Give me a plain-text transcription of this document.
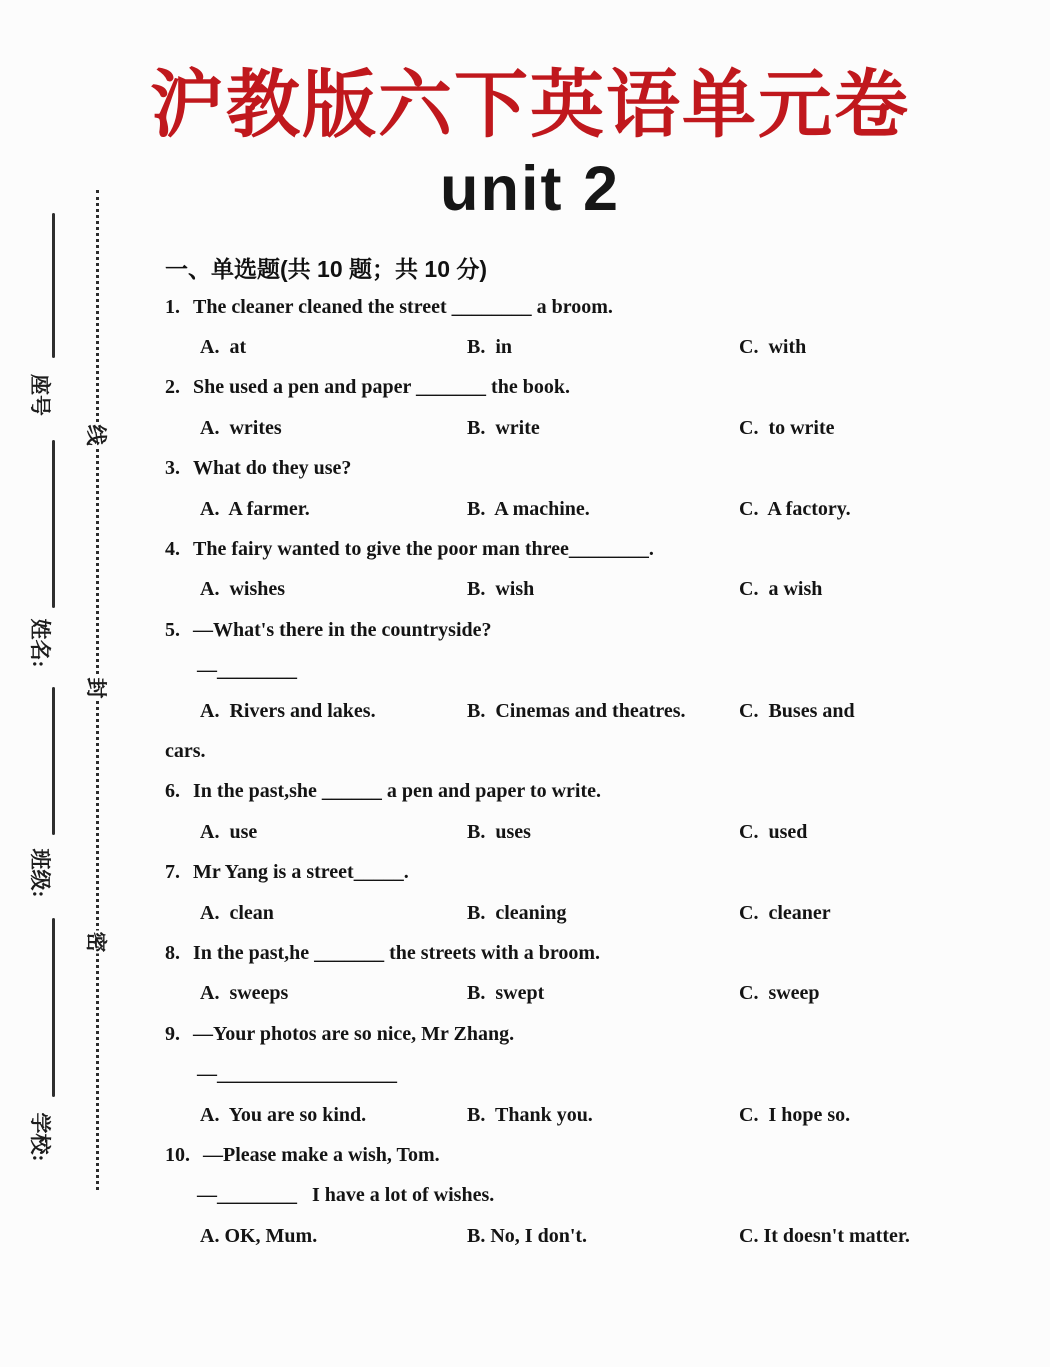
座号
姓名:
班级:
学校:
线
封
密
沪教版六下英语单元卷
unit 2
一、单选题(共 10 题；共 10 分)
1. The cleaner cleaned the street ________ a broom.
A.  at	B.  in	C.  with
2. She used a pen and paper _______ the book.
A.  writes	B.  write	C.  to write
3. What do they use?
A.  A farmer.	B.  A machine.	C.  A factory.
4. The fairy wanted to give the poor man three________.
A.  wishes	B.  wish	C.  a wish
5. —What's there in the countryside?
—________
A.  Rivers and lakes.	B.  Cinemas and theatres.	C.  Buses and
cars.
6. In the past,she ______ a pen and paper to write.
A.  use	B.  uses	C.  used
7. Mr Yang is a street_____.
A.  clean	B.  cleaning	C.  cleaner
8. In the past,he _______ the streets with a broom.
A.  sweeps	B.  swept	C.  sweep
9. —Your photos are so nice, Mr Zhang.
—__________________
A.  You are so kind.	B.  Thank you.	C.  I hope so.
10. —Please make a wish, Tom.
—________   I have a lot of wishes.
A. OK, Mum.	B. No, I don't.	C. It doesn't matter.
